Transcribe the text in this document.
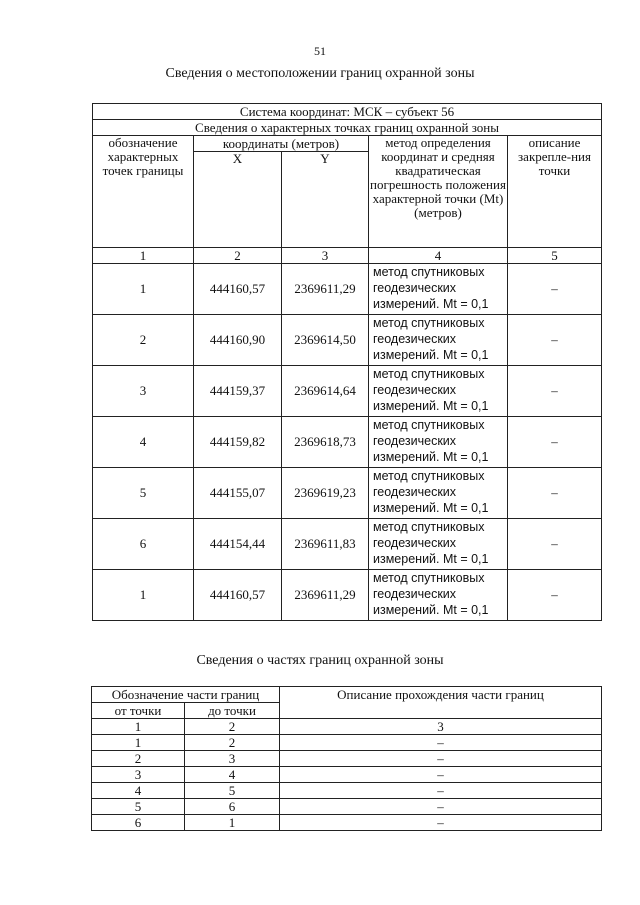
51
Сведения о местоположении границ охранной зоны
Система координат: МСК – субъект 56				
Сведения о характерных точках границ охранной зоны				
обозначение характерных точек границы	координаты (метров)		метод определения координат и средняя квадратическая погрешность положения характерной точки (Mt) (метров)	описание закрепле-ния точки
	X	Y		
1	2	3	4	5
1	444160,57	2369611,29	метод спутниковых геодезических измерений. Mt = 0,1	–
2	444160,90	2369614,50	метод спутниковых геодезических измерений. Mt = 0,1	–
3	444159,37	2369614,64	метод спутниковых геодезических измерений. Mt = 0,1	–
4	444159,82	2369618,73	метод спутниковых геодезических измерений. Mt = 0,1	–
5	444155,07	2369619,23	метод спутниковых геодезических измерений. Mt = 0,1	–
6	444154,44	2369611,83	метод спутниковых геодезических измерений. Mt = 0,1	–
1	444160,57	2369611,29	метод спутниковых геодезических измерений. Mt = 0,1	–
Сведения о частях границ охранной зоны
Обозначение части границ		Описание прохождения части границ
от точки	до точки	
1	2	3
1	2	–
2	3	–
3	4	–
4	5	–
5	6	–
6	1	–
